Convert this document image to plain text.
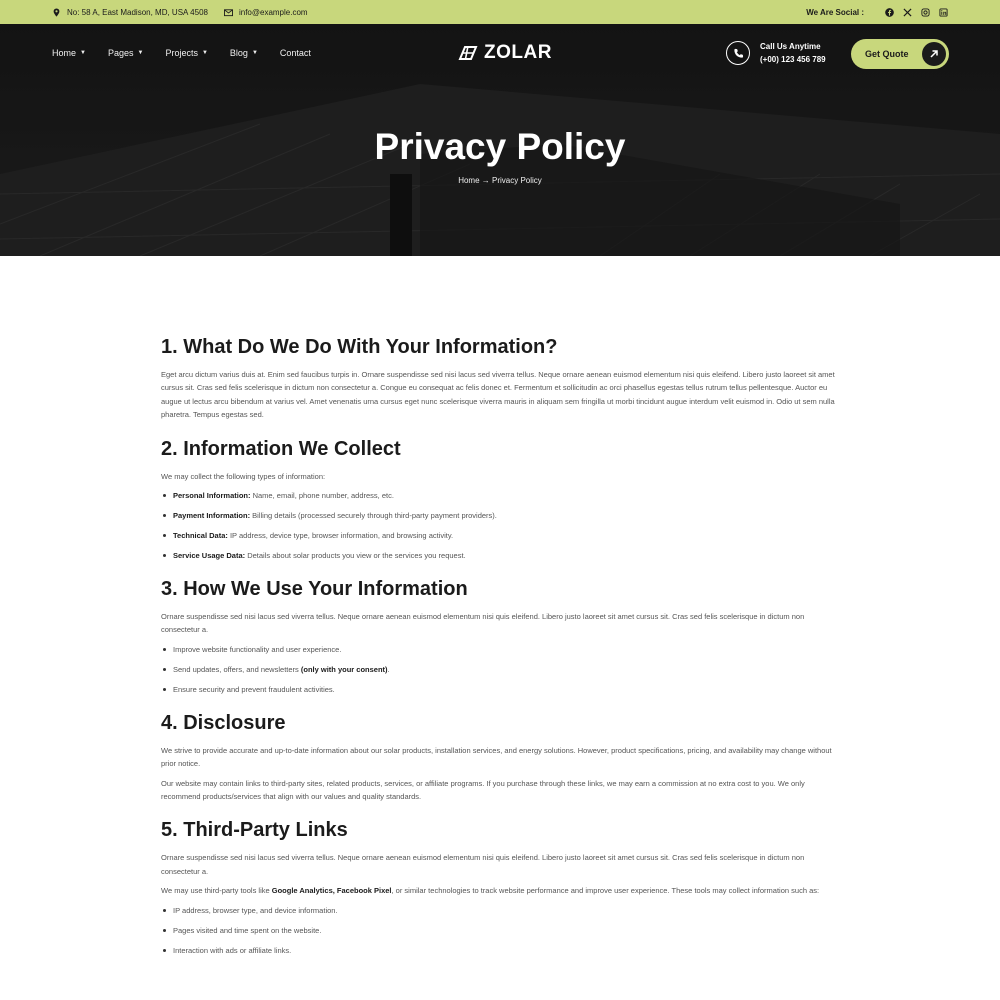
No: 58 A, East Madison, MD, USA 4508	info@example.com	We Are Social :
Home ▼ Pages ▼ Projects ▼ Blog ▼ Contact	ZOLAR	Call Us Anytime
(+00) 123 456 789
Get Quote
Privacy Policy
Home → Privacy Policy
1. What Do We Do With Your Information?

Eget arcu dictum varius duis at. Enim sed faucibus turpis in. Ornare suspendisse sed nisi lacus sed viverra tellus. Neque ornare aenean euismod elementum nisi quis eleifend. Libero justo laoreet sit amet cursus sit. Cras sed felis scelerisque in dictum non consectetur a. Congue eu consequat ac felis donec et. Fermentum et sollicitudin ac orci phasellus egestas tellus rutrum tellus pellentesque. Auctor eu augue ut lectus arcu bibendum at varius vel. Amet venenatis urna cursus eget nunc scelerisque viverra mauris in aliquam sem fringilla ut morbi tincidunt augue interdum velit euismod in. Odio ut sem nulla pharetra. Tempus egestas sed.

2. Information We Collect

We may collect the following types of information:

Personal Information: Name, email, phone number, address, etc.
Payment Information: Billing details (processed securely through third-party payment providers).
Technical Data: IP address, device type, browser information, and browsing activity.
Service Usage Data: Details about solar products you view or the services you request.
3. How We Use Your Information

Ornare suspendisse sed nisi lacus sed viverra tellus. Neque ornare aenean euismod elementum nisi quis eleifend. Libero justo laoreet sit amet cursus sit. Cras sed felis scelerisque in dictum non consectetur a.

Improve website functionality and user experience.
Send updates, offers, and newsletters (only with your consent).
Ensure security and prevent fraudulent activities.
4. Disclosure

We strive to provide accurate and up-to-date information about our solar products, installation services, and energy solutions. However, product specifications, pricing, and availability may change without prior notice.

Our website may contain links to third-party sites, related products, services, or affiliate programs. If you purchase through these links, we may earn a commission at no extra cost to you. We only recommend products/services that align with our values and quality standards.

5. Third-Party Links

Ornare suspendisse sed nisi lacus sed viverra tellus. Neque ornare aenean euismod elementum nisi quis eleifend. Libero justo laoreet sit amet cursus sit. Cras sed felis scelerisque in dictum non consectetur a.

We may use third-party tools like Google Analytics, Facebook Pixel, or similar technologies to track website performance and improve user experience. These tools may collect information such as:

IP address, browser type, and device information.
Pages visited and time spent on the website.
Interaction with ads or affiliate links.
